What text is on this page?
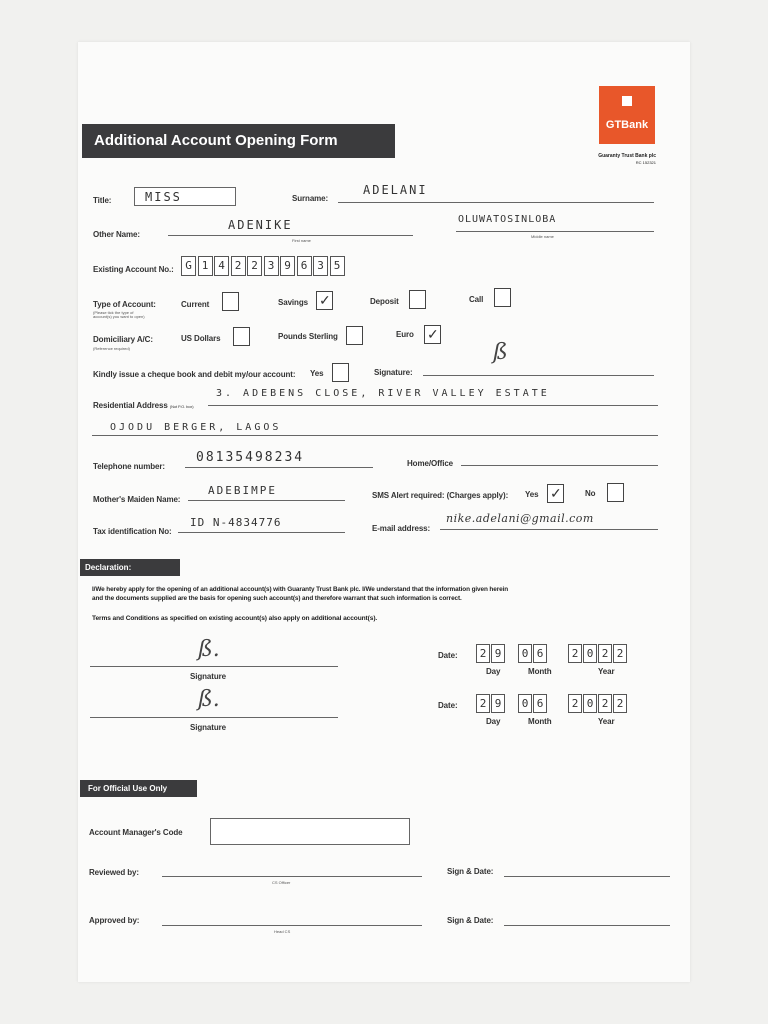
GTBank
Guaranty Trust Bank plc
RC 152321
Additional Account Opening Form
Title:	MISS	Surname:
ADELANI
Other Name:
ADENIKE
First name
OLUWATOSINLOBA
Middle name
Existing Account No.:	G 1 4 2 2 3 9 6 3 5
Type of Account:
(Please tick the type of account(s) you want to open)
Current	Savings ✓	Deposit	Call
Domiciliary A/C:
(Reference required)
US Dollars	Pounds Sterling	Euro ✓
Kindly issue a cheque book and debit my/our account: Yes	Signature:
ß
Residential Address (Not P.O. box)
3. ADEBENS CLOSE, RIVER VALLEY ESTATE
OJODU BERGER, LAGOS
Telephone number:
08135498234	Home/Office
Mother's Maiden Name:
ADEBIMPE	SMS Alert required: (Charges apply): Yes ✓	No
Tax identification No:
ID N-4834776	E-mail address:
nike.adelani@gmail.com
Declaration:
I/We hereby apply for the opening of an additional account(s) with Guaranty Trust Bank plc. I/We understand that the information given herein
and the documents supplied are the basis for opening such account(s) and therefore warrant that such information is correct.
Terms and Conditions as specified on existing account(s) also apply on additional account(s).
ß.
Signature
Date:	2 9	0 6	2 0 2 2
Day	Month	Year
ß.
Signature
Date:	2 9	0 6	2 0 2 2
Day	Month	Year
For Official Use Only
Account Manager's Code
Reviewed by:
CS Officer
Sign & Date:
Approved by:
Head CS
Sign & Date:
